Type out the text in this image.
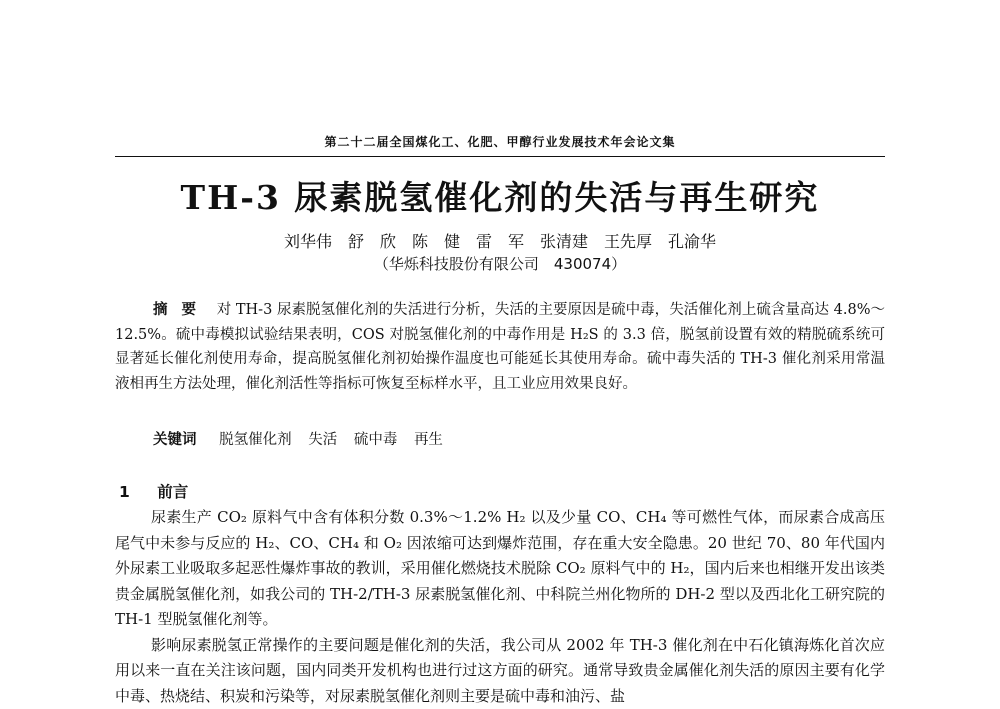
第二十二届全国煤化工、化肥、甲醇行业发展技术年会论文集
TH-3 尿素脱氢催化剂的失活与再生研究
刘华伟　舒　欣　陈　健　雷　军　张清建　王先厚　孔渝华
（华烁科技股份有限公司　430074）
摘要 对 TH-3 尿素脱氢催化剂的失活进行分析，失活的主要原因是硫中毒，失活催化剂上硫含量高达 4.8%～12.5%。硫中毒模拟试验结果表明，COS 对脱氢催化剂的中毒作用是 H₂S 的 3.3 倍，脱氢前设置有效的精脱硫系统可显著延长催化剂使用寿命，提高脱氢催化剂初始操作温度也可能延长其使用寿命。硫中毒失活的 TH-3 催化剂采用常温液相再生方法处理，催化剂活性等指标可恢复至标样水平，且工业应用效果良好。
关键词 脱氢催化剂 失活 硫中毒 再生
1 前言

尿素生产 CO₂ 原料气中含有体积分数 0.3%～1.2% H₂ 以及少量 CO、CH₄ 等可燃性气体，而尿素合成高压尾气中未参与反应的 H₂、CO、CH₄ 和 O₂ 因浓缩可达到爆炸范围，存在重大安全隐患。20 世纪 70、80 年代国内外尿素工业吸取多起恶性爆炸事故的教训，采用催化燃烧技术脱除 CO₂ 原料气中的 H₂，国内后来也相继开发出该类贵金属脱氢催化剂，如我公司的 TH-2/TH-3 尿素脱氢催化剂、中科院兰州化物所的 DH-2 型以及西北化工研究院的 TH-1 型脱氢催化剂等。

影响尿素脱氢正常操作的主要问题是催化剂的失活，我公司从 2002 年 TH-3 催化剂在中石化镇海炼化首次应用以来一直在关注该问题，国内同类开发机构也进行过这方面的研究。通常导致贵金属催化剂失活的原因主要有化学中毒、热烧结、积炭和污染等，对尿素脱氢催化剂则主要是硫中毒和油污、盐
